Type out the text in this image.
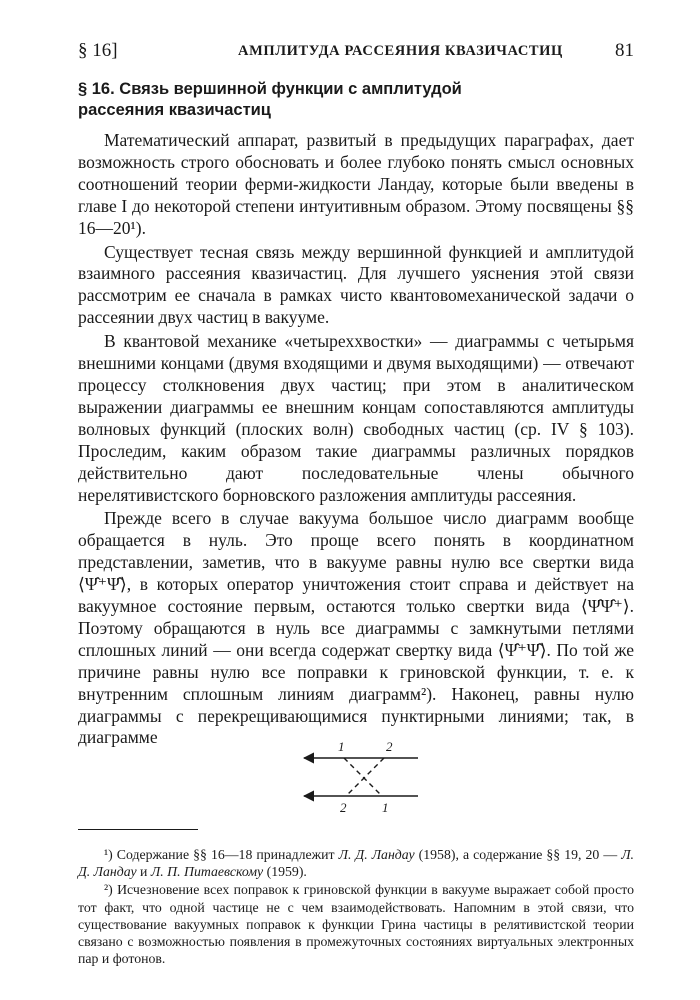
§ 16]	АМПЛИТУДА РАССЕЯНИЯ КВАЗИЧАСТИЦ	81
§ 16. Связь вершинной функции с амплитудой рассеяния квазичастиц

Математический аппарат, развитый в предыдущих параграфах, дает возможность строго обосновать и более глубоко понять смысл основных соотношений теории ферми-жидкости Ландау, которые были введены в главе I до некоторой степени интуитивным образом. Этому посвящены §§ 16—20¹).

Существует тесная связь между вершинной функцией и амплитудой взаимного рассеяния квазичастиц. Для лучшего уяснения этой связи рассмотрим ее сначала в рамках чисто квантовомеханической задачи о рассеянии двух частиц в вакууме.

В квантовой механике «четыреххвостки» — диаграммы с четырьмя внешними концами (двумя входящими и двумя выходящими) — отвечают процессу столкновения двух частиц; при этом в аналитическом выражении диаграммы ее внешним концам сопоставляются амплитуды волновых функций (плоских волн) свободных частиц (ср. IV § 103). Проследим, каким образом такие диаграммы различных порядков действительно дают последовательные члены обычного нерелятивистского борновского разложения амплитуды рассеяния.

Прежде всего в случае вакуума большое число диаграмм вообще обращается в нуль. Это проще всего понять в координатном представлении, заметив, что в вакууме равны нулю все свертки вида ⟨Ψ̂⁺Ψ̂⟩, в которых оператор уничтожения стоит справа и действует на вакуумное состояние первым, остаются только свертки вида ⟨Ψ̂Ψ̂⁺⟩. Поэтому обращаются в нуль все диаграммы с замкнутыми петлями сплошных линий — они всегда содержат свертку вида ⟨Ψ̂⁺Ψ̂⟩. По той же причине равны нулю все поправки к гриновской функции, т. е. к внутренним сплошным линиям диаграмм²). Наконец, равны нулю диаграммы с перекрещивающимися пунктирными линиями; так, в диаграмме	1	2
2	1

¹) Содержание §§ 16—18 принадлежит Л. Д. Ландау (1958), а содержание §§ 19, 20 — Л. Д. Ландау и Л. П. Питаевскому (1959).

²) Исчезновение всех поправок к гриновской функции в вакууме выражает собой просто тот факт, что одной частице не с чем взаимодействовать. Напомним в этой связи, что существование вакуумных поправок к функции Грина частицы в релятивистской теории связано с возможностью появления в промежуточных состояниях виртуальных электронных пар и фотонов.
